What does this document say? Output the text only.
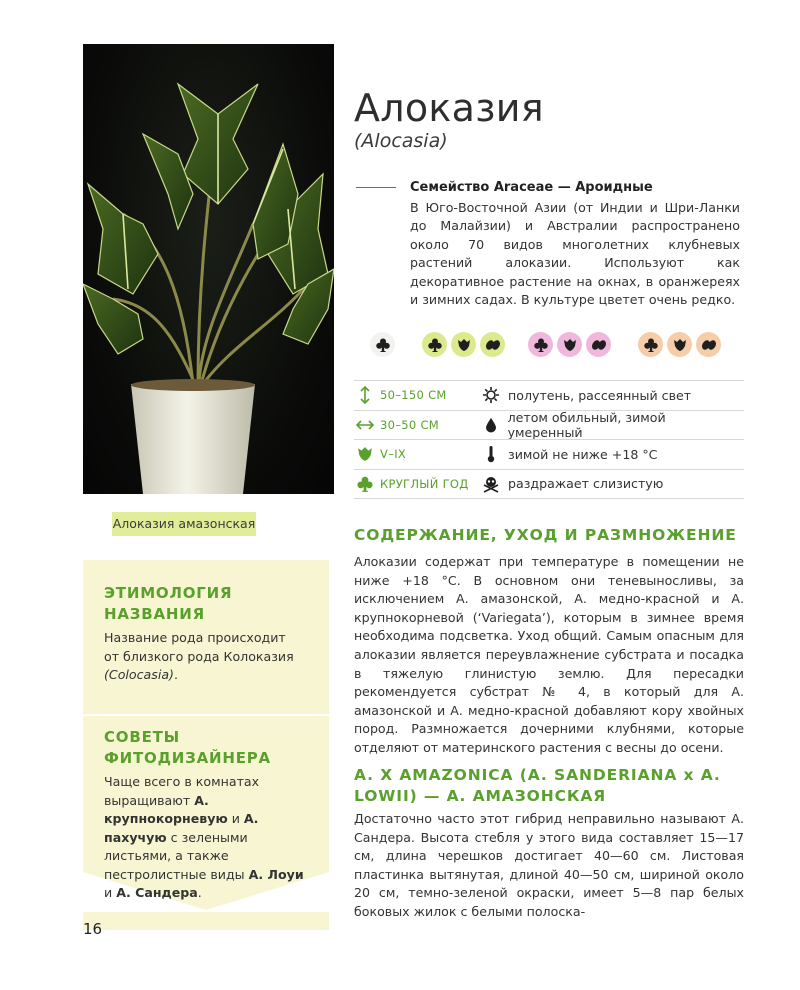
Алоказия амазонская
Алоказия
(Alocasia)
Семейство Araceae — Ароидные
В Юго-Восточной Азии (от Индии и Шри-Ланки до Малайзии) и Австралии распространено около 70 видов многолетних клубневых растений алоказии. Используют как декоративное растение на окнах, в оранжереях и зимних садах. В культуре цветет очень редко.
50–150 СМ	полутень, рассеянный свет
30–50 СМ	летом обильный, зимой умеренный
V–IX	зимой не ниже +18 °С
КРУГЛЫЙ ГОД	раздражает слизистую
ЭТИМОЛОГИЯ НАЗВАНИЯ
Название рода происходит от близкого рода Колоказия (Colocasia).
СОВЕТЫ ФИТОДИЗАЙНЕРА
Чаще всего в комнатах выращивают А. крупнокорневую и А. пахучую с зелеными листьями, а также пестролистные виды А. Лоуи и А. Сандера.
СОДЕРЖАНИЕ, УХОД И РАЗМНОЖЕНИЕ
Алоказии содержат при температуре в помещении не ниже +18 °С. В основном они теневыносливы, за исключением А. амазонской, А. медно-красной и А. крупнокорневой (‘Variegata’), которым в зимнее время необходима подсветка. Уход общий. Самым опасным для алоказии является переувлажнение субстрата и посадка в тяжелую глинистую землю. Для пересадки рекомендуется субстрат № 4, в который для А. амазонской и А. медно-красной добавляют кору хвойных пород. Размножается дочерними клубнями, которые отделяют от материнского растения с весны до осени.
A. X AMAZONICA (A. SANDERIANA x A. LOWII) — А. АМАЗОНСКАЯ
Достаточно часто этот гибрид неправильно называют А. Сандера. Высота стебля у этого вида составляет 15—17 см, длина черешков достигает 40—60 см. Листовая пластинка вытянутая, длиной 40—50 см, шириной около 20 см, темно-зеленой окраски, имеет 5—8 пар белых боковых жилок с белыми полоска-
16
